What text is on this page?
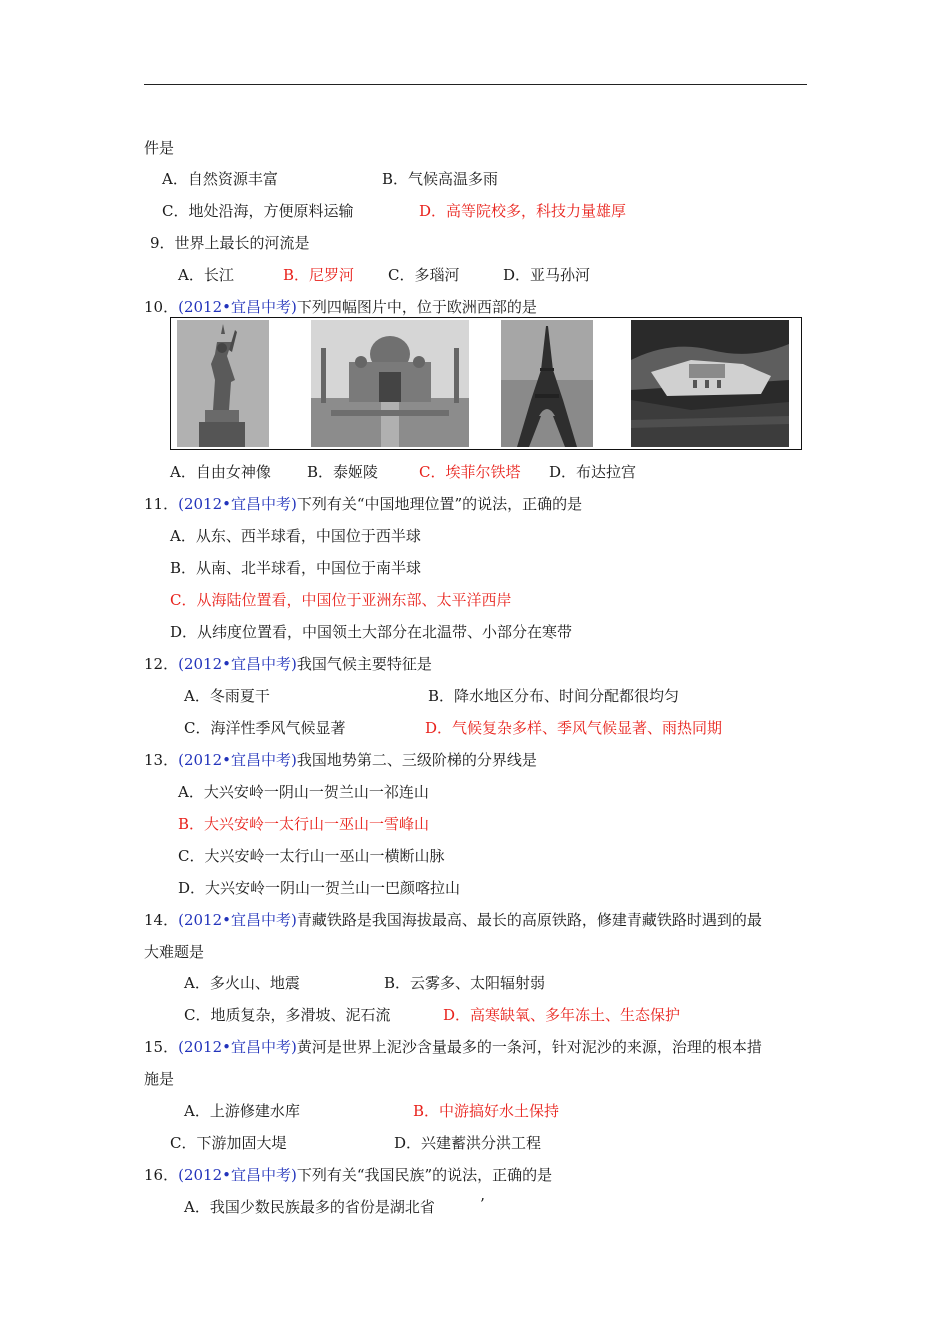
件是
A．自然资源丰富	B．气候高温多雨
C．地处沿海，方便原料运输	D．高等院校多，科技力量雄厚
9．世界上最长的河流是
A．长江	B．尼罗河 C．多瑙河	D．亚马孙河
10．(2012•宜昌中考)下列四幅图片中，位于欧洲西部的是
A．自由女神像 B．泰姬陵	C．埃菲尔铁塔 D．布达拉宫
11．(2012•宜昌中考)下列有关“中国地理位置”的说法，正确的是
A．从东、西半球看，中国位于西半球
B．从南、北半球看，中国位于南半球
C．从海陆位置看，中国位于亚洲东部、太平洋西岸
D．从纬度位置看，中国领土大部分在北温带、小部分在寒带
12．(2012•宜昌中考)我国气候主要特征是
A．冬雨夏干	B．降水地区分布、时间分配都很均匀
C．海洋性季风气候显著	D．气候复杂多样、季风气候显著、雨热同期
13．(2012•宜昌中考)我国地势第二、三级阶梯的分界线是
A．大兴安岭一阴山一贺兰山一祁连山
B．大兴安岭一太行山一巫山一雪峰山
C．大兴安岭一太行山一巫山一横断山脉
D．大兴安岭一阴山一贺兰山一巴颜喀拉山
14．(2012•宜昌中考)青藏铁路是我国海拔最高、最长的高原铁路，修建青藏铁路时遇到的最
大难题是
A．多火山、地震	B．云雾多、太阳辐射弱
C．地质复杂，多滑坡、泥石流	D．高寒缺氧、多年冻土、生态保护
15．(2012•宜昌中考)黄河是世界上泥沙含量最多的一条河，针对泥沙的来源，治理的根本措
施是
A．上游修建水库	B．中游搞好水土保持
C．下游加固大堤	D．兴建蓄洪分洪工程
16．(2012•宜昌中考)下列有关“我国民族”的说法，正确的是
A．我国少数民族最多的省份是湖北省	’
